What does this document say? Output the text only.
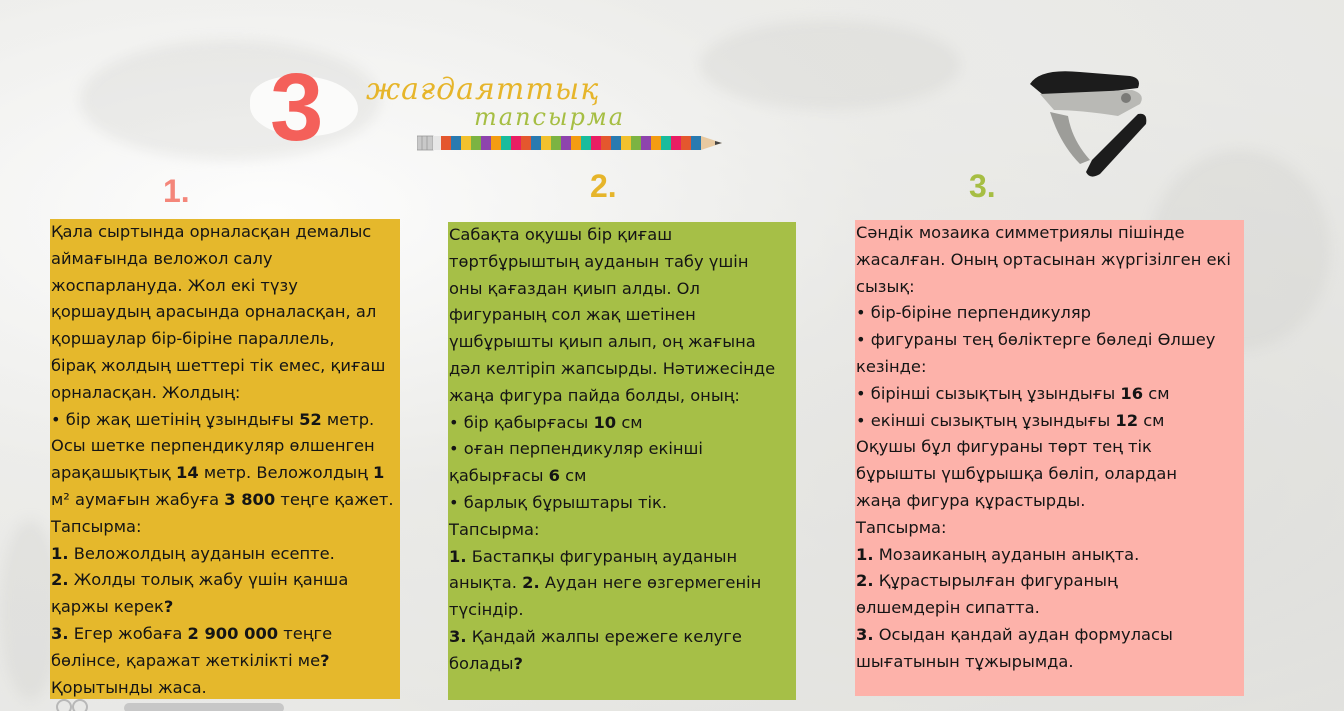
3 жағдаяттық
тапсырма
1.	2.	3.

Қала сыртында орналасқан демалыс

аймағында веложол салу

жоспарлануда. Жол екі түзу

қоршаудың арасында орналасқан, ал

қоршаулар бір-біріне параллель,

бірақ жолдың шеттері тік емес, қиғаш

орналасқан. Жолдың:

• бір жақ шетінің ұзындығы 52 метр.

Осы шетке перпендикуляр өлшенген

арақашықтық 14 метр. Веложолдың 1

м² аумағын жабуға 3 800 теңге қажет.

Тапсырма:

1. Веложолдың ауданын есепте.

2. Жолды толық жабу үшін қанша

қаржы керек?

3. Егер жобаға 2 900 000 теңге

бөлінсе, қаражат жеткілікті ме?

Қорытынды жаса.

Сабақта оқушы бір қиғаш

төртбұрыштың ауданын табу үшін

оны қағаздан қиып алды. Ол

фигураның сол жақ шетінен

үшбұрышты қиып алып, оң жағына

дәл келтіріп жапсырды. Нәтижесінде

жаңа фигура пайда болды, оның:

• бір қабырғасы 10 см

• оған перпендикуляр екінші

қабырғасы 6 см

• барлық бұрыштары тік.

Тапсырма:

1. Бастапқы фигураның ауданын

анықта. 2. Аудан неге өзгермегенін

түсіндір.

3. Қандай жалпы ережеге келуге

болады?

Сәндік мозаика симметриялы пішінде

жасалған. Оның ортасынан жүргізілген екі

сызық:

• бір-біріне перпендикуляр

• фигураны тең бөліктерге бөледі Өлшеу

кезінде:

• бірінші сызықтың ұзындығы 16 см

• екінші сызықтың ұзындығы 12 см

Оқушы бұл фигураны төрт тең тік

бұрышты үшбұрышқа бөліп, олардан

жаңа фигура құрастырды.

Тапсырма:

1. Мозаиканың ауданын анықта.

2. Құрастырылған фигураның

өлшемдерін сипатта.

3. Осыдан қандай аудан формуласы

шығатынын тұжырымда.
